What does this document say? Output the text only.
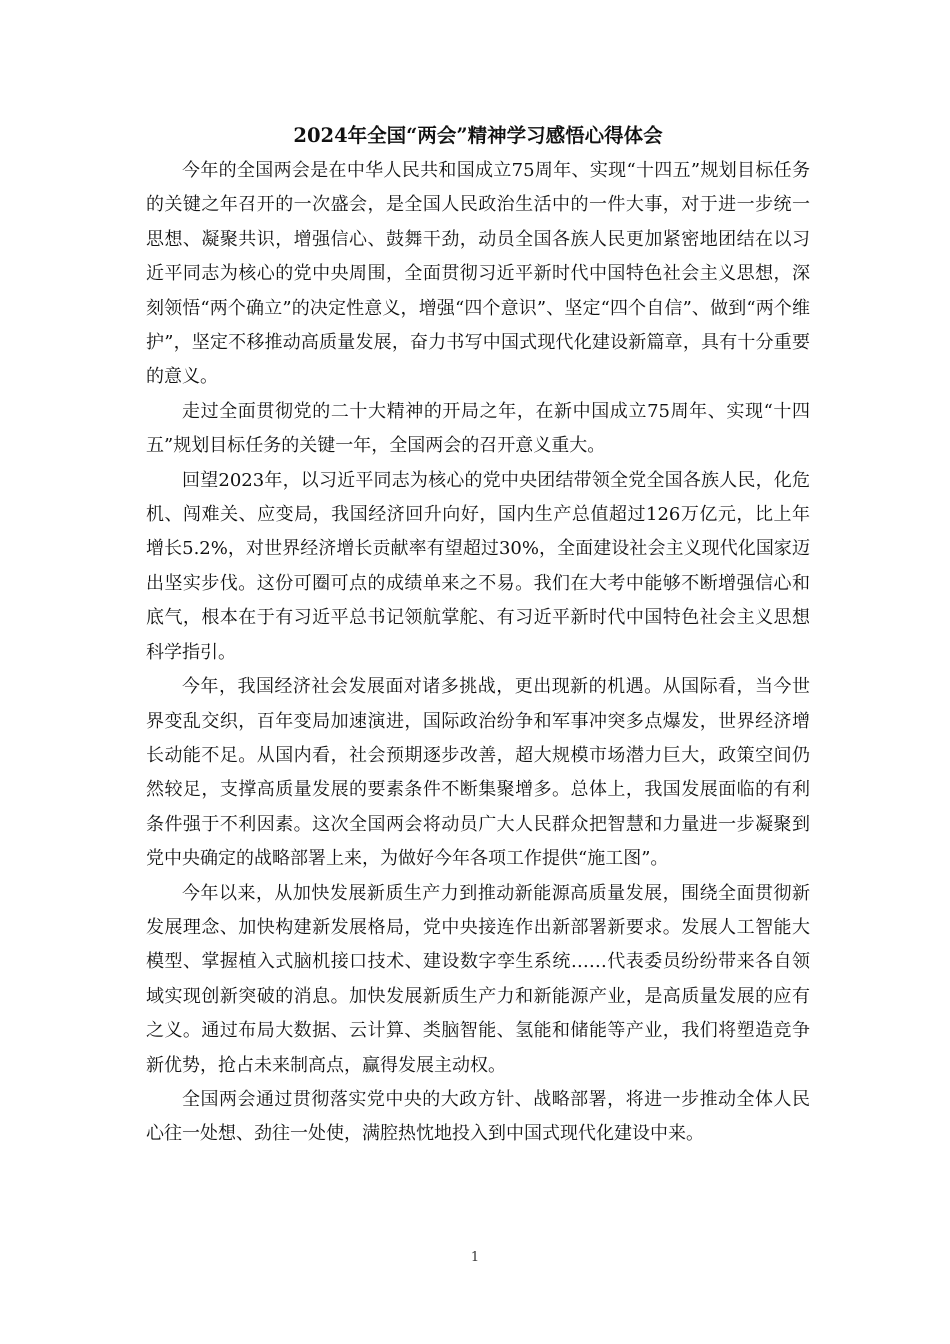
2024年全国“两会”精神学习感悟心得体会

今年的全国两会是在中华人民共和国成立75周年、实现“十四五”规划目标任务的关键之年召开的一次盛会，是全国人民政治生活中的一件大事，对于进一步统一思想、凝聚共识，增强信心、鼓舞干劲，动员全国各族人民更加紧密地团结在以习近平同志为核心的党中央周围，全面贯彻习近平新时代中国特色社会主义思想，深刻领悟“两个确立”的决定性意义，增强“四个意识”、坚定“四个自信”、做到“两个维护”，坚定不移推动高质量发展，奋力书写中国式现代化建设新篇章，具有十分重要的意义。

走过全面贯彻党的二十大精神的开局之年，在新中国成立75周年、实现“十四五”规划目标任务的关键一年，全国两会的召开意义重大。

回望2023年，以习近平同志为核心的党中央团结带领全党全国各族人民，化危机、闯难关、应变局，我国经济回升向好，国内生产总值超过126万亿元，比上年增长5.2%，对世界经济增长贡献率有望超过30%，全面建设社会主义现代化国家迈出坚实步伐。这份可圈可点的成绩单来之不易。我们在大考中能够不断增强信心和底气，根本在于有习近平总书记领航掌舵、有习近平新时代中国特色社会主义思想科学指引。

今年，我国经济社会发展面对诸多挑战，更出现新的机遇。从国际看，当今世界变乱交织，百年变局加速演进，国际政治纷争和军事冲突多点爆发，世界经济增长动能不足。从国内看，社会预期逐步改善，超大规模市场潜力巨大，政策空间仍然较足，支撑高质量发展的要素条件不断集聚增多。总体上，我国发展面临的有利条件强于不利因素。这次全国两会将动员广大人民群众把智慧和力量进一步凝聚到党中央确定的战略部署上来，为做好今年各项工作提供“施工图”。

今年以来，从加快发展新质生产力到推动新能源高质量发展，围绕全面贯彻新发展理念、加快构建新发展格局，党中央接连作出新部署新要求。发展人工智能大模型、掌握植入式脑机接口技术、建设数字孪生系统……代表委员纷纷带来各自领域实现创新突破的消息。加快发展新质生产力和新能源产业，是高质量发展的应有之义。通过布局大数据、云计算、类脑智能、氢能和储能等产业，我们将塑造竞争新优势，抢占未来制高点，赢得发展主动权。

全国两会通过贯彻落实党中央的大政方针、战略部署，将进一步推动全体人民心往一处想、劲往一处使，满腔热忱地投入到中国式现代化建设中来。

1
